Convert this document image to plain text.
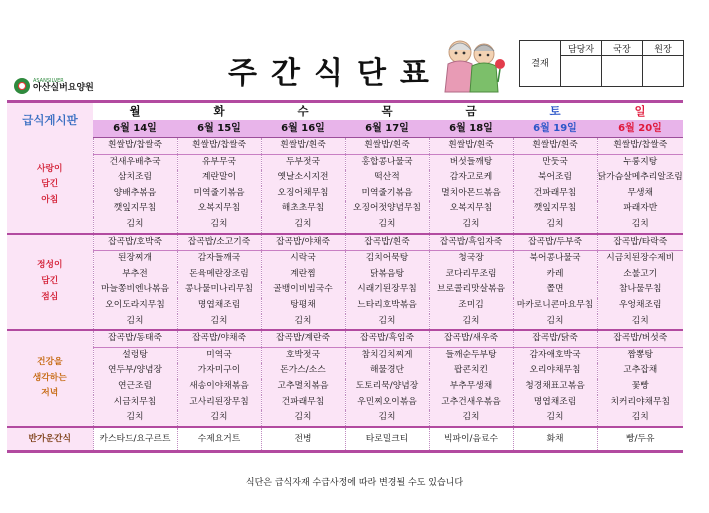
주간식단표
ASANSILVER
아산실버요양원
결재	담당자	국장	원장

급식게시판	월	화	수	목	금	토	일
	6월 14일	6월 15일	6월 16일	6월 17일	6월 18일	6월 19일	6월 20일
사랑이
담긴
아침	흰쌀밥/찹쌀죽	흰쌀밥/찹쌀죽	흰쌀밥/흰죽	흰쌀밥/흰죽	흰쌀밥/흰죽	흰쌀밥/흰죽	흰쌀밥/찹쌀죽
	건새우배추국	유부무국	두부젓국	홍합콩나물국	버섯들깨탕	만둣국	누룽지탕
	삼치조림	계란말이	옛날소시지전	떡산적	감자고로케	북어조림	닭가슴살메추리알조림
	양배추볶음	미역줄기볶음	오징어채무침	미역줄기볶음	멸치아몬드볶음	건파래무침	무생채
	깻잎지무침	오복지무침	해초초무침	오징어젓양념무침	오복지무침	깻잎지무침	파래자반
	김치	김치	김치	김치	김치	김치	김치
정성이
담긴
점심	잡곡밥/호박죽	잡곡밥/소고기죽	잡곡밥/야채죽	잡곡밥/흰죽	잡곡밥/흑임자죽	잡곡밥/두부죽	잡곡밥/타락죽
	된장찌개	감자들깨국	시락국	김치어묵탕	청국장	북어콩나물국	시금치된장수제비
	부추전	돈육메란장조림	계란찜	닭볶음탕	코다리무조림	카레	소불고기
	마늘쫑비엔나볶음	콩나물미나리무침	골뱅이비빔국수	시래기된장무침	브로콜리맛살볶음	쫄면	참나물무침
	오이도라지무침	명엽채조림	탕평채	느타리호박볶음	조미김	마카로니콘마요무침	우엉채조림
	김치	김치	김치	김치	김치	김치	김치
건강을
생각하는
저녁	잡곡밥/동태죽	잡곡밥/야채죽	잡곡밥/계란죽	잡곡밥/흑임죽	잡곡밥/새우죽	잡곡밥/닭죽	잡곡밥/버섯죽
	설렁탕	미역국	호박젓국	참치김치찌게	들깨순두부탕	감자애호박국	짬뽕탕
	연두부/양념장	가자미구이	돈가스/소스	해물경단	팝콘치킨	오리야채무침	고추잡채
	연근조림	새송이야채볶음	고추멸치볶음	도토리묵/양념장	부추무생채	청경채표고볶음	꽃빵
	시금치무침	고사리된장무침	건파래무침	우민찌오이볶음	고추건새우볶음	명엽채조림	치커리야채무침
	김치	김치	김치	김치	김치	김치	김치
반가운간식	카스타드/요구르트	수제요거트	전병	타로밀크티	빅파이/음료수	화채	빵/두유
식단은 급식자재 수급사정에 따라 변경될 수도 있습니다
